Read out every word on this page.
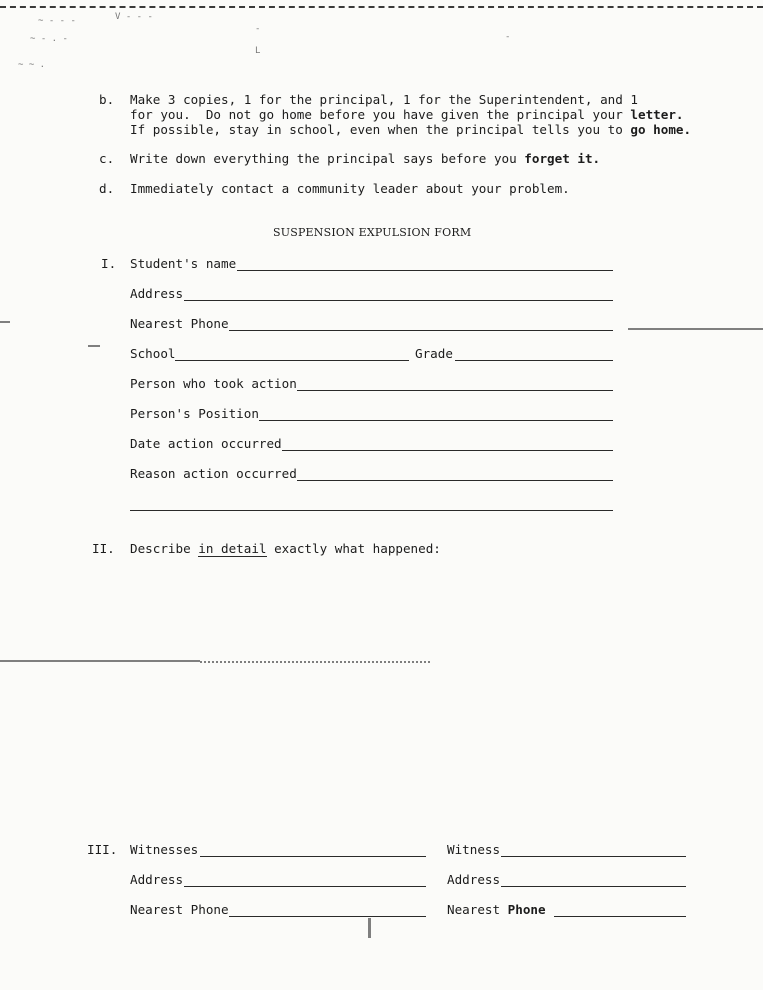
~ - - -	V - - -
~ - . -
~ ~ .
-
L
-
b. Make 3 copies, 1 for the principal, 1 for the Superintendent, and 1
for you.  Do not go home before you have given the principal your letter.
If possible, stay in school, even when the principal tells you to go home.
c. Write down everything the principal says before you forget it.
d. Immediately contact a community leader about your problem.
SUSPENSION EXPULSION FORM
I. Student's name
Address
Nearest Phone
School	Grade
Person who took action
Person's Position
Date action occurred
Reason action occurred
II. Describe in detail exactly what happened:
III. Witnesses
Address
Nearest Phone
Witness
Address
Nearest Phone
